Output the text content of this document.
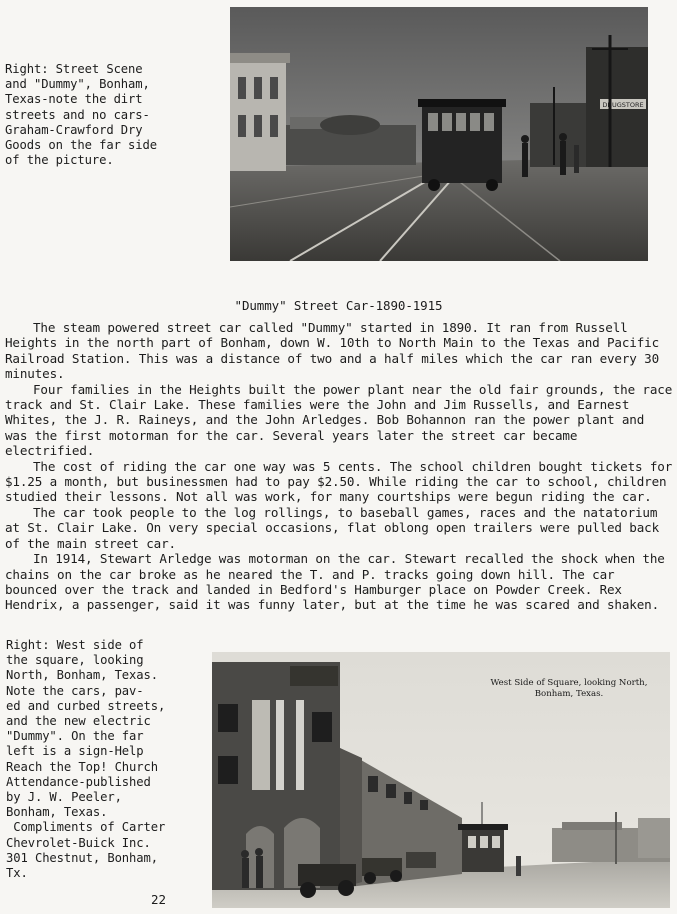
Right: Street Scene
and "Dummy", Bonham,
Texas-note the dirt
streets and no cars-
Graham-Crawford Dry
Goods on the far side
of the picture.
DRUGSTORE
"Dummy" Street Car-1890-1915

The steam powered street car called "Dummy" started in 1890. It ran from Russell Heights in the north part of Bonham, down W. 10th to North Main to the Texas and Pacific Railroad Station. This was a distance of two and a half miles which the car ran every 30 minutes.

Four families in the Heights built the power plant near the old fair grounds, the race track and St. Clair Lake. These families were the John and Jim Russells, and Earnest Whites, the J. R. Raineys, and the John Arledges. Bob Bohannon ran the power plant and was the first motorman for the car. Several years later the street car became electrified.

The cost of riding the car one way was 5 cents. The school children bought tickets for $1.25 a month, but businessmen had to pay $2.50. While riding the car to school, children studied their lessons. Not all was work, for many courtships were begun riding the car.

The car took people to the log rollings, to baseball games, races and the natatorium at St. Clair Lake. On very special occasions, flat oblong open trailers were pulled back of the main street car.

In 1914, Stewart Arledge was motorman on the car. Stewart recalled the shock when the chains on the car broke as he neared the T. and P. tracks going down hill. The car bounced over the track and landed in Bedford's Hamburger place on Powder Creek. Rex Hendrix, a passenger, said it was funny later, but at the time he was scared and shaken.

Right: West side of
the square, looking
North, Bonham, Texas.
Note the cars, pav-
ed and curbed streets,
and the new electric
"Dummy". On the far
left is a sign-Help
Reach the Top! Church
Attendance-published
by J. W. Peeler,
Bonham, Texas.
Compliments of Carter
Chevrolet-Buick Inc.
301 Chestnut, Bonham,
Tx.
West Side of Square, looking North,
Bonham, Texas.
22
